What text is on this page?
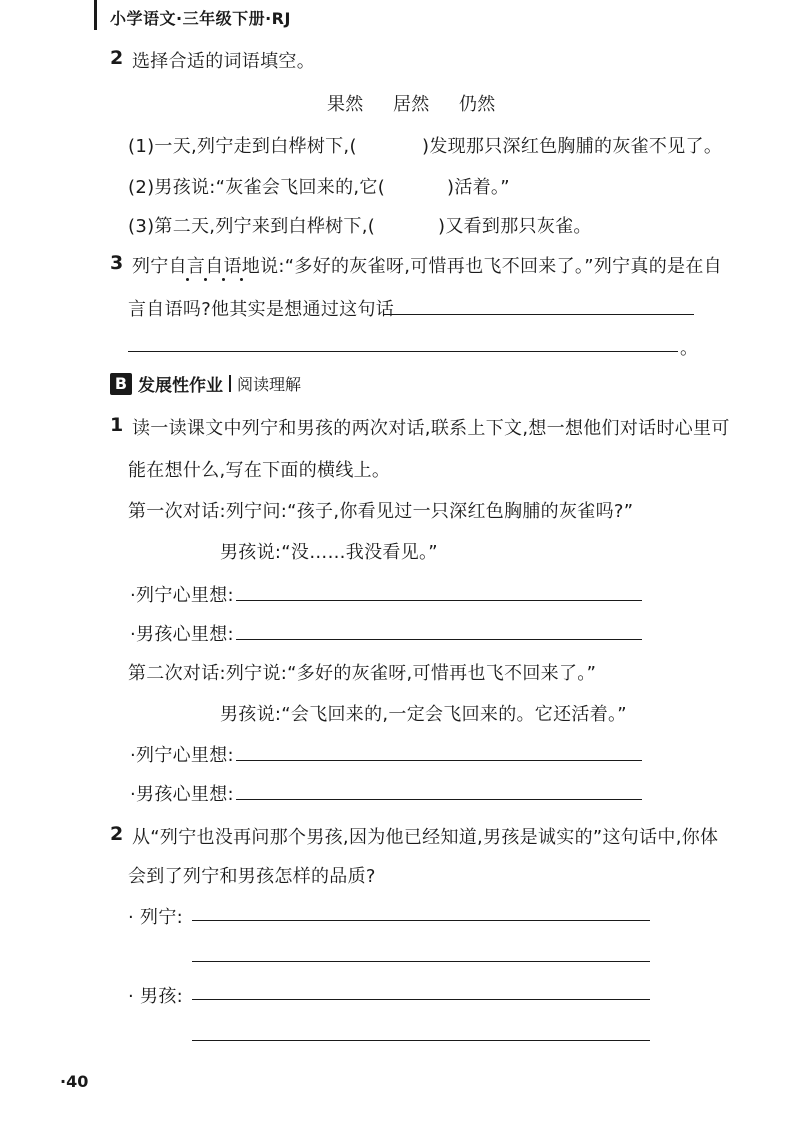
小学语文·三年级下册·RJ
2 选择合适的词语填空。
果然 居然 仍然
(1)一天,列宁走到白桦树下,(	)发现那只深红色胸脯的灰雀不见了。
(2)男孩说:“灰雀会飞回来的,它(	)活着。”
(3)第二天,列宁来到白桦树下,(	)又看到那只灰雀。
3 列宁自言自语地说:“多好的灰雀呀,可惜再也飞不回来了。”列宁真的是在自
言自语吗?他其实是想通过这句话
。
B 发展性作业 阅读理解
1 读一读课文中列宁和男孩的两次对话,联系上下文,想一想他们对话时心里可
能在想什么,写在下面的横线上。
第一次对话:列宁问:“孩子,你看见过一只深红色胸脯的灰雀吗?”
男孩说:“没……我没看见。”
·列宁心里想:
·男孩心里想:
第二次对话:列宁说:“多好的灰雀呀,可惜再也飞不回来了。”
男孩说:“会飞回来的,一定会飞回来的。它还活着。”
·列宁心里想:
·男孩心里想:
2 从“列宁也没再问那个男孩,因为他已经知道,男孩是诚实的”这句话中,你体
会到了列宁和男孩怎样的品质?
· 列宁:
· 男孩:
·40
